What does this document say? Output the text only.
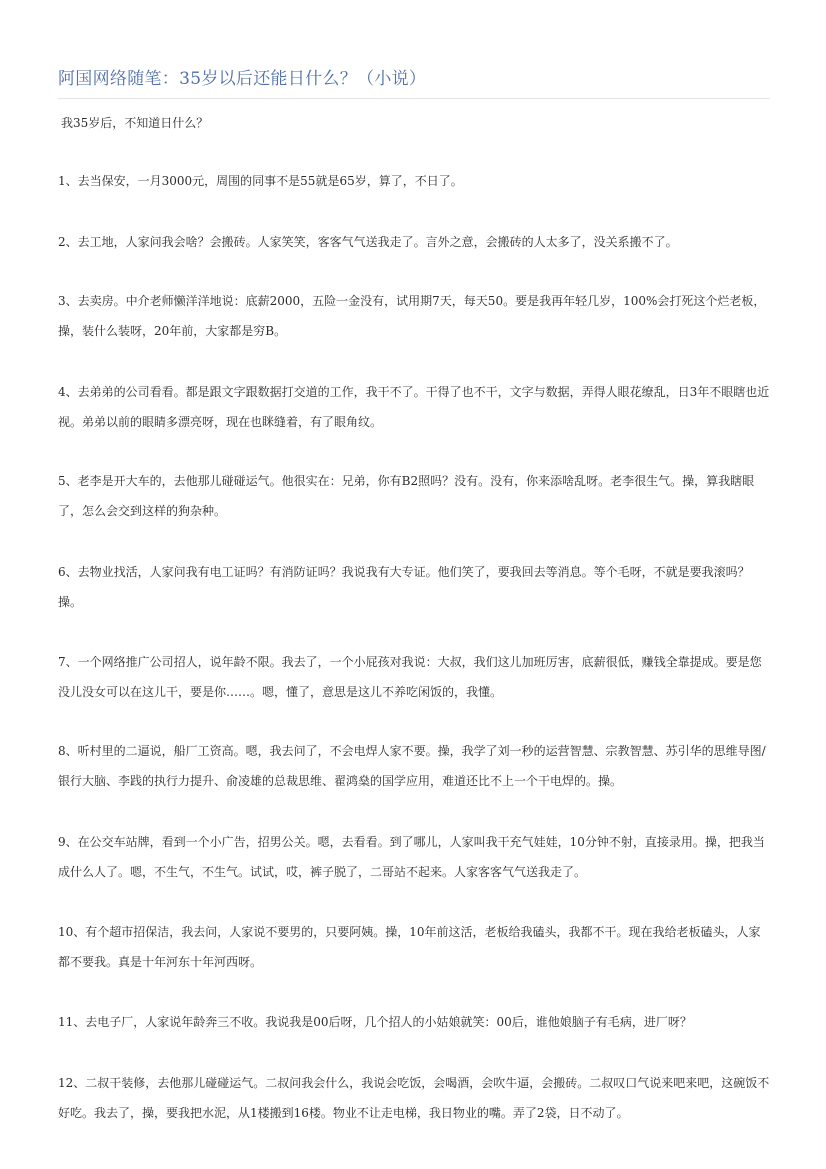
阿国网络随笔：35岁以后还能日什么？（小说）
我35岁后，不知道日什么？

1、去当保安，一月3000元，周围的同事不是55就是65岁，算了，不日了。

2、去工地，人家问我会啥？会搬砖。人家笑笑，客客气气送我走了。言外之意，会搬砖的人太多了，没关系搬不了。

3、去卖房。中介老师懒洋洋地说：底薪2000，五险一金没有，试用期7天，每天50。要是我再年轻几岁，100%会打死这个烂老板，操，装什么装呀，20年前，大家都是穷B。

4、去弟弟的公司看看。都是跟文字跟数据打交道的工作，我干不了。干得了也不干，文字与数据，弄得人眼花缭乱，日3年不眼瞎也近视。弟弟以前的眼睛多漂亮呀，现在也眯缝着，有了眼角纹。

5、老李是开大车的，去他那儿碰碰运气。他很实在：兄弟，你有B2照吗？没有。没有，你来添啥乱呀。老李很生气。操，算我瞎眼了，怎么会交到这样的狗杂种。

6、去物业找活，人家问我有电工证吗？有消防证吗？我说我有大专证。他们笑了，要我回去等消息。等个毛呀，不就是要我滚吗？操。

7、一个网络推广公司招人，说年龄不限。我去了，一个小屁孩对我说：大叔，我们这儿加班厉害，底薪很低，赚钱全靠提成。要是您没儿没女可以在这儿干，要是你……。嗯，懂了，意思是这儿不养吃闲饭的，我懂。

8、听村里的二逼说，船厂工资高。嗯，我去问了，不会电焊人家不要。操，我学了刘一秒的运营智慧、宗教智慧、苏引华的思维导图/银行大脑、李践的执行力提升、俞凌雄的总裁思维、翟鸿燊的国学应用，难道还比不上一个干电焊的。操。

9、在公交车站牌，看到一个小广告，招男公关。嗯，去看看。到了哪儿，人家叫我干充气娃娃，10分钟不射，直接录用。操，把我当成什么人了。嗯，不生气，不生气。试试，哎，裤子脱了，二哥站不起来。人家客客气气送我走了。

10、有个超市招保洁，我去问，人家说不要男的，只要阿姨。操，10年前这活，老板给我磕头，我都不干。现在我给老板磕头，人家都不要我。真是十年河东十年河西呀。

11、去电子厂，人家说年龄奔三不收。我说我是00后呀，几个招人的小姑娘就笑：00后，谁他娘脑子有毛病，进厂呀？

12、二叔干装修，去他那儿碰碰运气。二叔问我会什么，我说会吃饭，会喝酒，会吹牛逼，会搬砖。二叔叹口气说来吧来吧，这碗饭不好吃。我去了，操，要我把水泥，从1楼搬到16楼。物业不让走电梯，我日物业的嘴。弄了2袋，日不动了。
